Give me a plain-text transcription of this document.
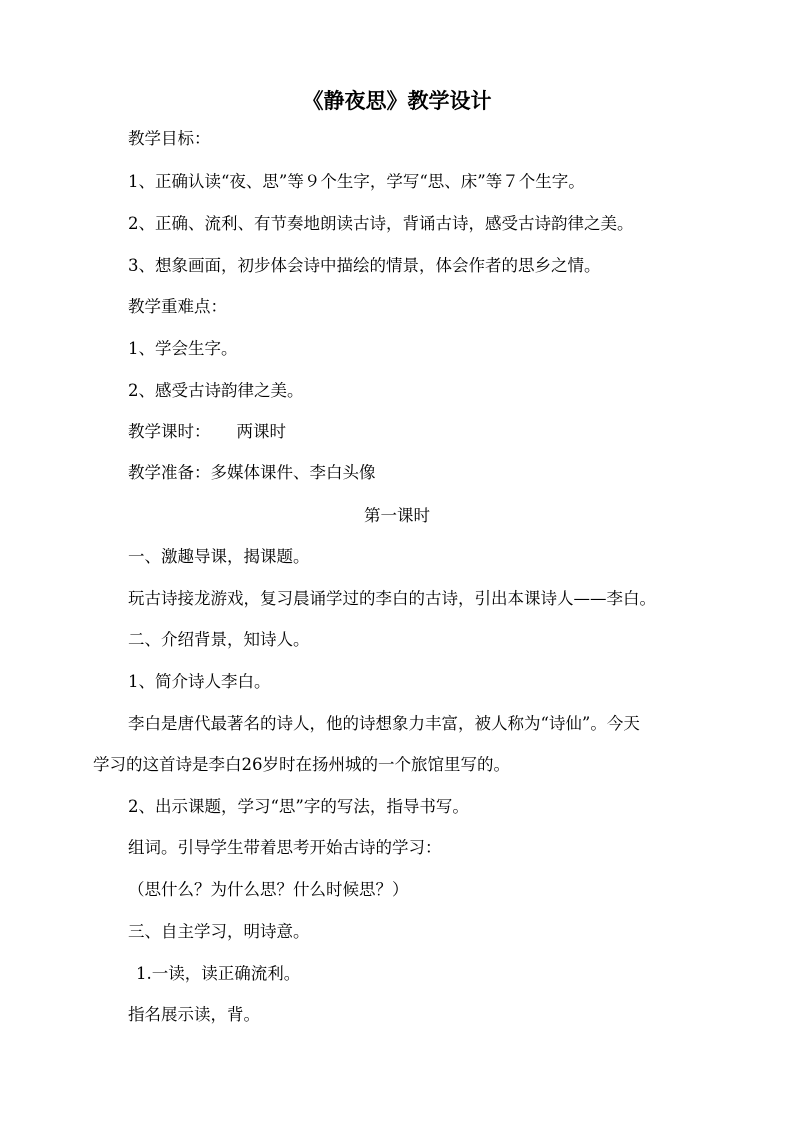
《静夜思》教学设计
教学目标：
1、正确认读“夜、思”等９个生字，学写“思、床”等７个生字。
2、正确、流利、有节奏地朗读古诗，背诵古诗，感受古诗韵律之美。
3、想象画面，初步体会诗中描绘的情景，体会作者的思乡之情。
教学重难点：
1、学会生字。
2、感受古诗韵律之美。
教学课时： 两课时
教学准备：多媒体课件、李白头像
第一课时
一、激趣导课，揭课题。
玩古诗接龙游戏，复习晨诵学过的李白的古诗，引出本课诗人——李白。
二、介绍背景，知诗人。
1、简介诗人李白。
李白是唐代最著名的诗人，他的诗想象力丰富，被人称为“诗仙”。今天
学习的这首诗是李白26岁时在扬州城的一个旅馆里写的。
2、出示课题，学习“思”字的写法，指导书写。
组词。引导学生带着思考开始古诗的学习：
（思什么？为什么思？什么时候思？）
三、自主学习，明诗意。
1.一读，读正确流利。
指名展示读，背。
